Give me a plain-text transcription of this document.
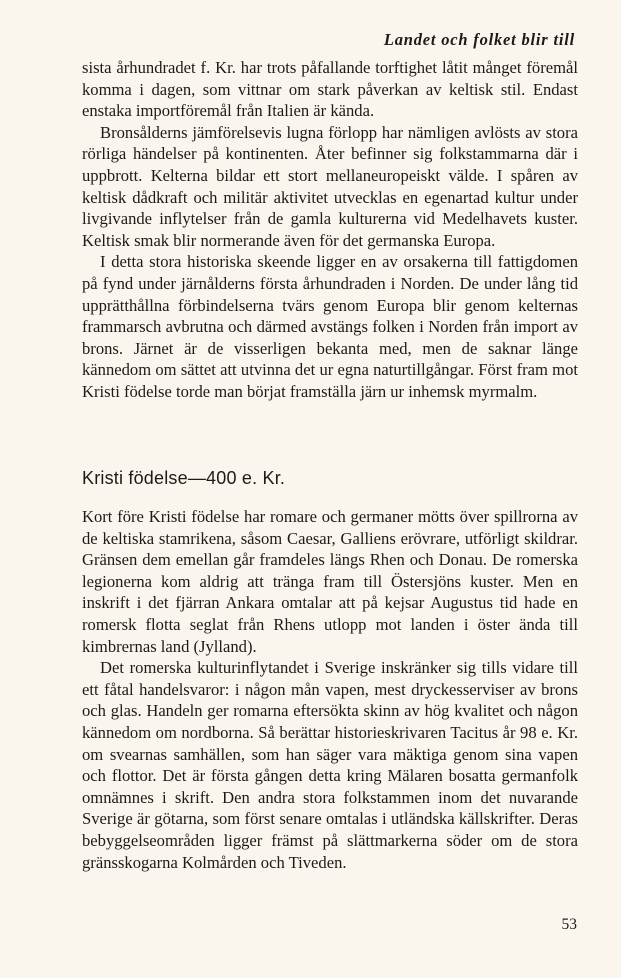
Landet och folket blir till

sista århundradet f. Kr. har trots påfallande torftighet låtit månget föremål komma i dagen, som vittnar om stark påverkan av keltisk stil. Endast enstaka importföremål från Italien är kända.

Bronsålderns jämförelsevis lugna förlopp har nämligen avlösts av stora rörliga händelser på kontinenten. Åter befinner sig folkstammarna där i uppbrott. Kelterna bildar ett stort mellaneuropeiskt välde. I spåren av keltisk dådkraft och militär aktivitet utvecklas en egenartad kultur under livgivande inflytelser från de gamla kulturerna vid Medelhavets kuster. Keltisk smak blir normerande även för det germanska Europa.

I detta stora historiska skeende ligger en av orsakerna till fattigdomen på fynd under järnålderns första århundraden i Norden. De under lång tid upprätthållna förbindelserna tvärs genom Europa blir genom kelternas frammarsch avbrutna och därmed avstängs folken i Norden från import av brons. Järnet är de visserligen bekanta med, men de saknar länge kännedom om sättet att utvinna det ur egna naturtillgångar. Först fram mot Kristi födelse torde man börjat framställa järn ur inhemsk myrmalm.

Kristi födelse—400 e. Kr.

Kort före Kristi födelse har romare och germaner mötts över spillrorna av de keltiska stamrikena, såsom Caesar, Galliens erövrare, utförligt skildrar. Gränsen dem emellan går framdeles längs Rhen och Donau. De romerska legionerna kom aldrig att tränga fram till Östersjöns kuster. Men en inskrift i det fjärran Ankara omtalar att på kejsar Augustus tid hade en romersk flotta seglat från Rhens utlopp mot landen i öster ända till kimbrernas land (Jylland).

Det romerska kulturinflytandet i Sverige inskränker sig tills vidare till ett fåtal handelsvaror: i någon mån vapen, mest dryckesserviser av brons och glas. Handeln ger romarna eftersökta skinn av hög kvalitet och någon kännedom om nordborna. Så berättar historieskrivaren Tacitus år 98 e. Kr. om svearnas samhällen, som han säger vara mäktiga genom sina vapen och flottor. Det är första gången detta kring Mälaren bosatta germanfolk omnämnes i skrift. Den andra stora folkstammen inom det nuvarande Sverige är götarna, som först senare omtalas i utländska källskrifter. Deras bebyggelseområden ligger främst på slättmarkerna söder om de stora gränsskogarna Kolmården och Tiveden.

53
